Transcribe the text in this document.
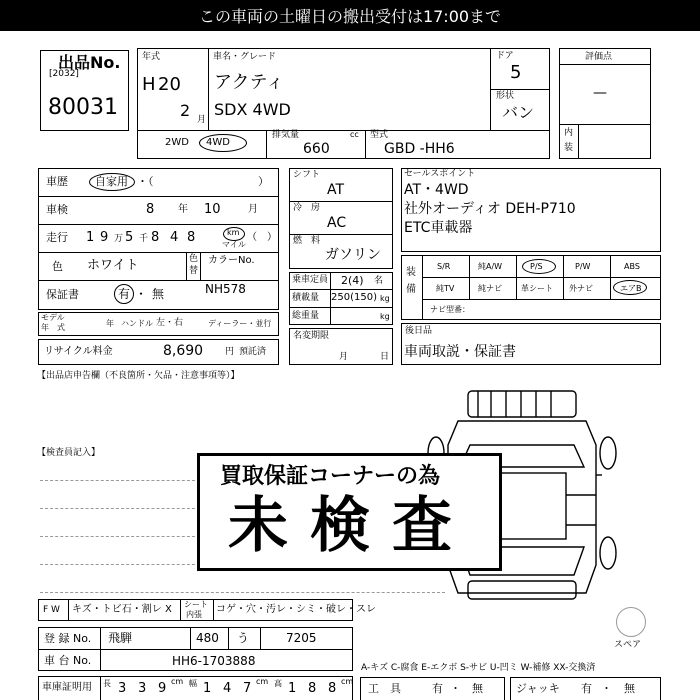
この車両の土曜日の搬出受付は17:00まで
出品No.
[2032]
80031
年式
H 20
2 月
車名・グレード
アクティ
SDX 4WD
ドア
5
形状
バン
2WD 4WD
排気量	cc
660
型式
GBD -HH6
評価点
—
内
装
車歴 自家用 ・（	）
車検	8 年 10	月
走行 1 9 万 5 千 8 4 8	km
マイル
（　）
色 ホワイト	色
替
カラーNo.
NH578
保証書	有 ・ 無
モデル
年　式	年 ハンドル 左・右	ディーラー・並行
リサイクル料金	8,690 円 預託済
【出品店申告欄（不良箇所・欠品・注意事項等）】
シフト
AT
冷　房
AC
燃　料
ガソリン
乗車定員 2(4) 名
積載量 250(150) kg
総重量	kg
名変期限
月	日
セールスポイント
AT・4WD
社外オーディオ DEH-P710
ETC車載器
装
備
S/R	純A/W	P/S	P/W	ABS
純TV	純ナビ 革シート 外ナビ	エアB
ナビ型番：
後日品
車両取説・保証書
【検査員記入】
スペア
買取保証コーナーの為
未検査
F W キズ・トビ石・割レ X シート
内張 コゲ・穴・汚レ・シミ・破レ・スレ
登 録 No. 飛騨	480 う	7205
車 台 No.	HH6-1703888
車庫証明用 長 3 3 9 cm 幅 1 4 7 cm 高 1 8 8 cm
A-キズ C-腐食 E-エクボ S-サビ U-凹ミ W-補修 XX-交換済
工　具	有 ・ 無	ジャッキ 有 ・ 無
